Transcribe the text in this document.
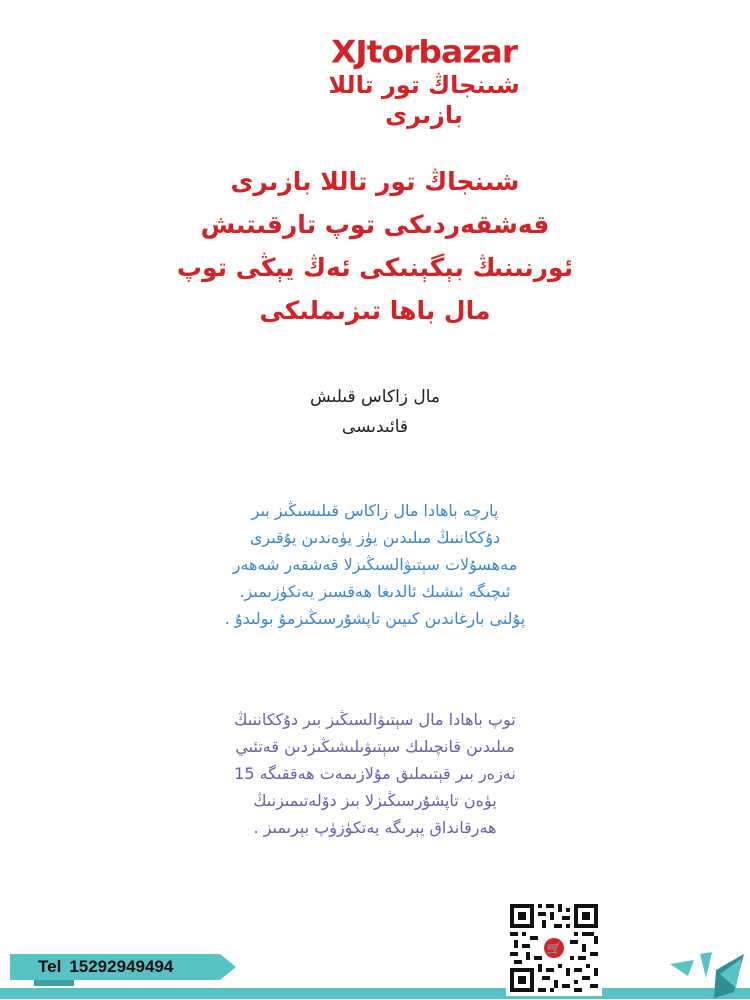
XJtorbazar
شىنجاڭ تور تاللا بازىرى
شىنجاڭ تور تاللا بازىرى
قەشقەردىكى توپ تارقىتىش
ئورنىنىڭ بېگېنىكى ئەڭ يېڭى توپ
مال باھا تىزىملىكى
مال زاكاس قىلىش
قائىدىسى
پارچە باھادا مال زاكاس قىلىسىڭىز بىر
دۇككاننىڭ مىلىدىن يۈز يۈەندىن يۇقىرى
مەھسۇلات سېتىۋالسىڭىزلا قەشقەر شەھەر
ئىچىگە ئىشىك ئالدىغا ھەقسىز يەتكۈزىمىز.
پۇلنى بارغاندىن كىيىن تاپشۇرسىڭىزمۇ بولىدۇ .
توپ باھادا مال سېتىۋالسىڭىز بىر دۇككاننىڭ
مىلىدىن قانچىلىك سېتىۋىلىشىڭىزدىن قەتئىي
نەزەر بىر قېتىملىق مۇلازىمەت ھەققىگە 15
يۈەن تاپشۇرسىڭىزلا بىز دۆلەتىمىزنىڭ
ھەرقانداق يېرىگە يەتكۈزۈپ بېرىمىز .
Tel 15292949494
🛒
